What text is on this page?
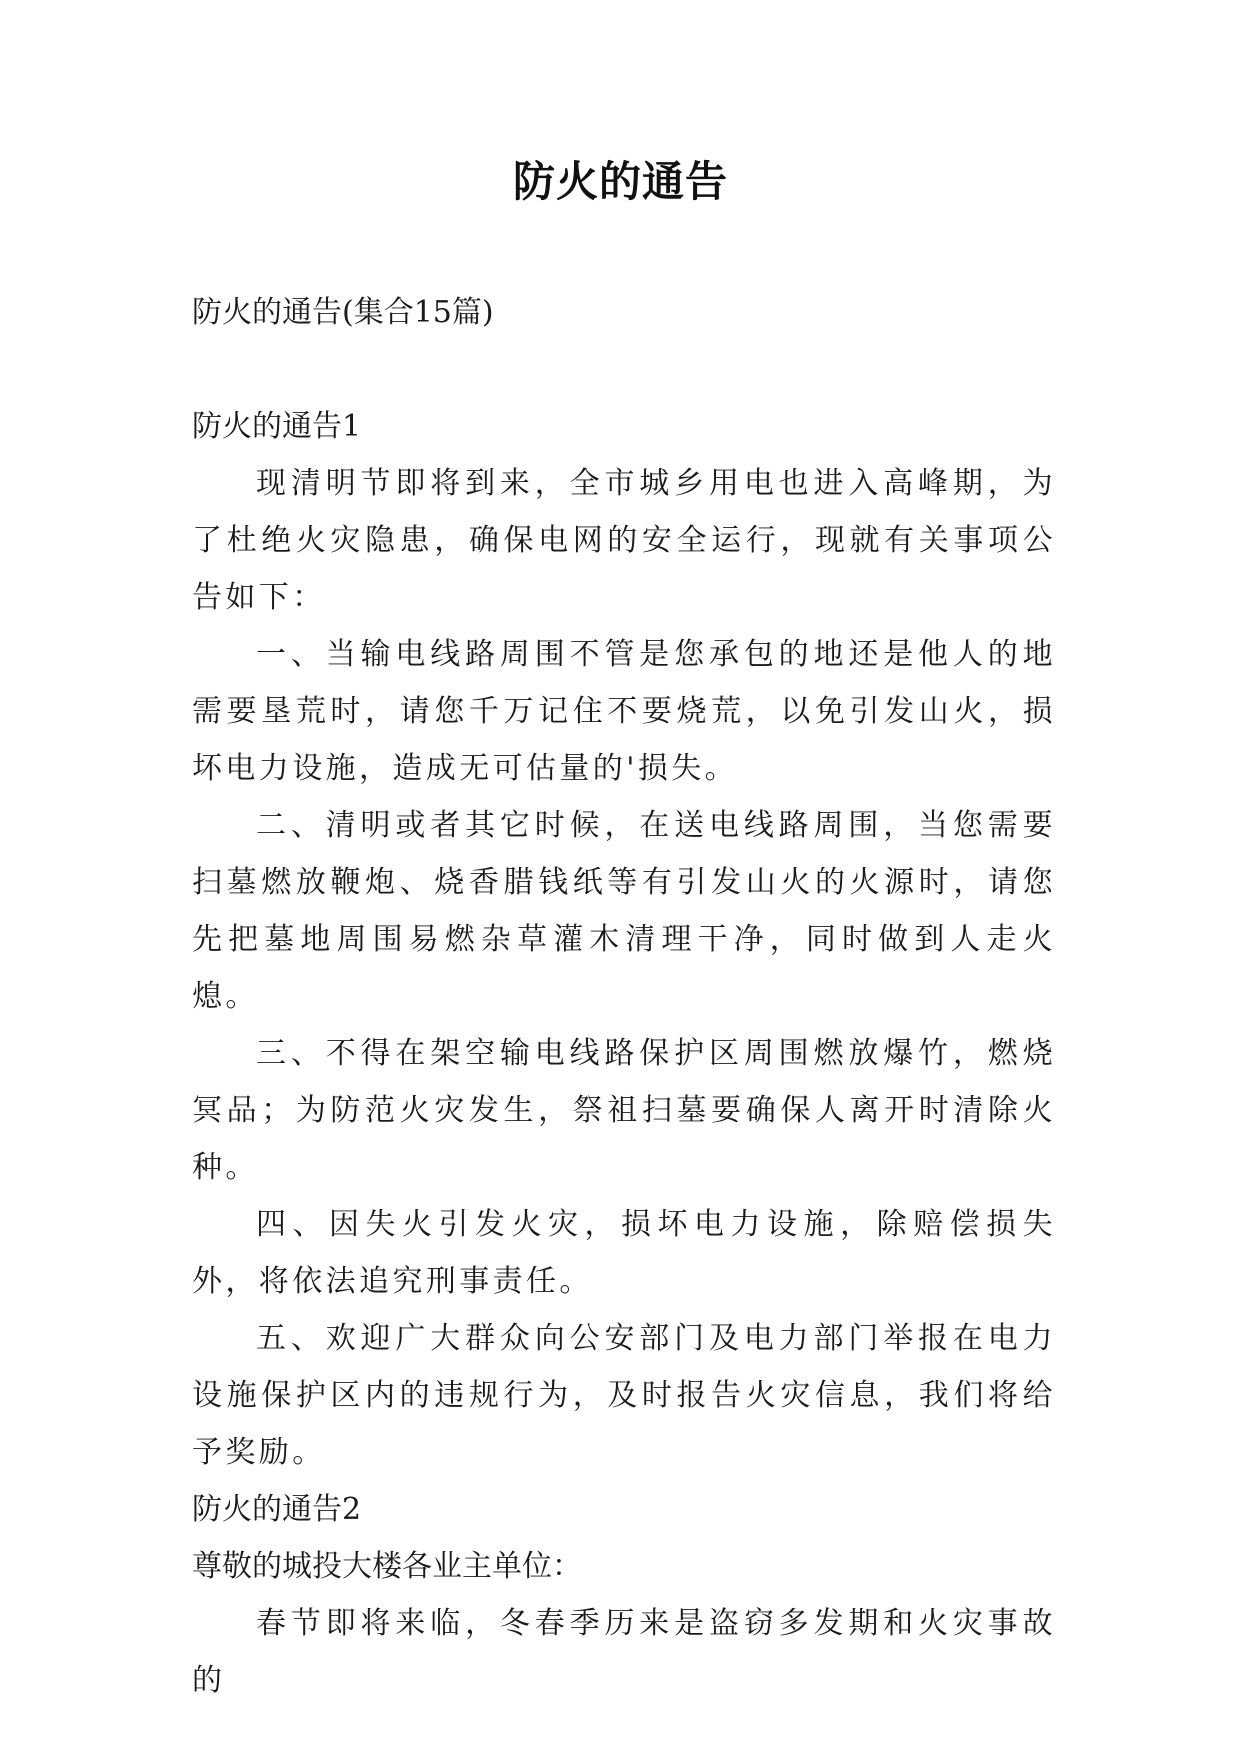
防火的通告

防火的通告(集合15篇)

防火的通告1

现清明节即将到来，全市城乡用电也进入高峰期，为了杜绝火灾隐患，确保电网的安全运行，现就有关事项公告如下：

一、当输电线路周围不管是您承包的地还是他人的地需要垦荒时，请您千万记住不要烧荒，以免引发山火，损坏电力设施，造成无可估量的'损失。

二、清明或者其它时候，在送电线路周围，当您需要扫墓燃放鞭炮、烧香腊钱纸等有引发山火的火源时，请您先把墓地周围易燃杂草灌木清理干净，同时做到人走火熄。

三、不得在架空输电线路保护区周围燃放爆竹，燃烧冥品；为防范火灾发生，祭祖扫墓要确保人离开时清除火种。

四、因失火引发火灾，损坏电力设施，除赔偿损失外，将依法追究刑事责任。

五、欢迎广大群众向公安部门及电力部门举报在电力设施保护区内的违规行为，及时报告火灾信息，我们将给予奖励。

防火的通告2

尊敬的城投大楼各业主单位：

春节即将来临，冬春季历来是盗窃多发期和火灾事故的
